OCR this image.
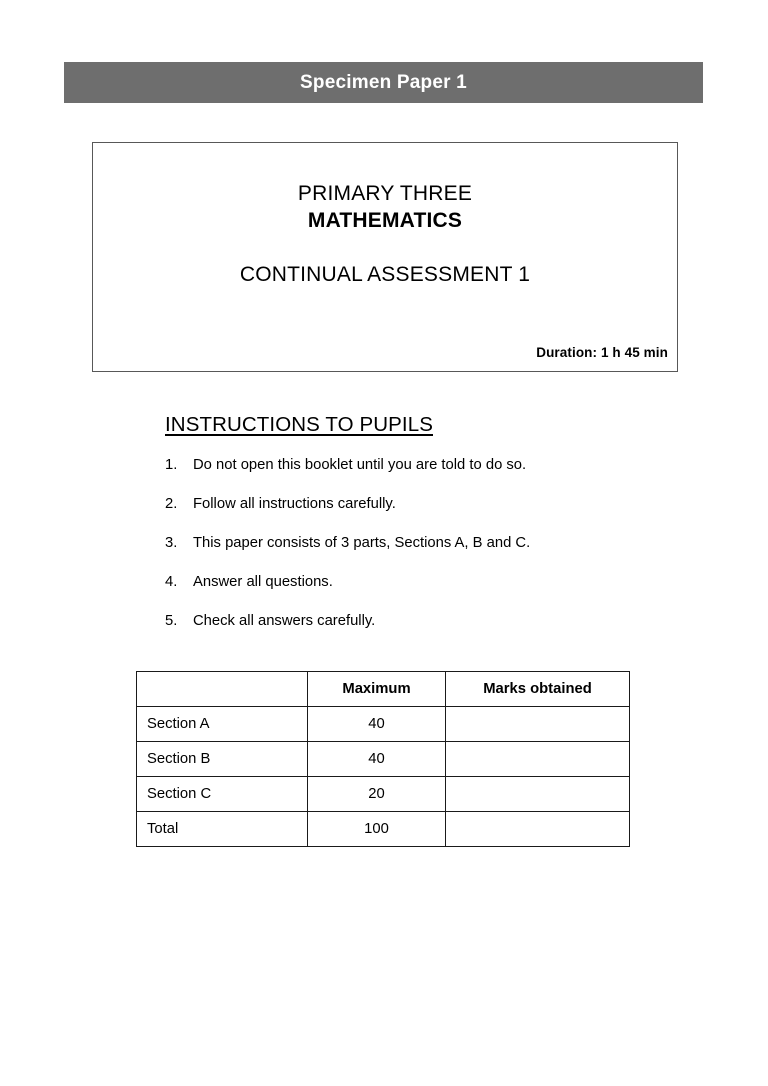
Specimen Paper 1
PRIMARY THREE
MATHEMATICS
CONTINUAL ASSESSMENT 1
Duration: 1 h 45 min
INSTRUCTIONS TO PUPILS
1.	Do not open this booklet until you are told to do so.
2.	Follow all instructions carefully.
3.	This paper consists of 3 parts, Sections A, B and C.
4.	Answer all questions.
5.	Check all answers carefully.
	Maximum	Marks obtained
Section A	40	
Section B	40	
Section C	20	
Total	100	
